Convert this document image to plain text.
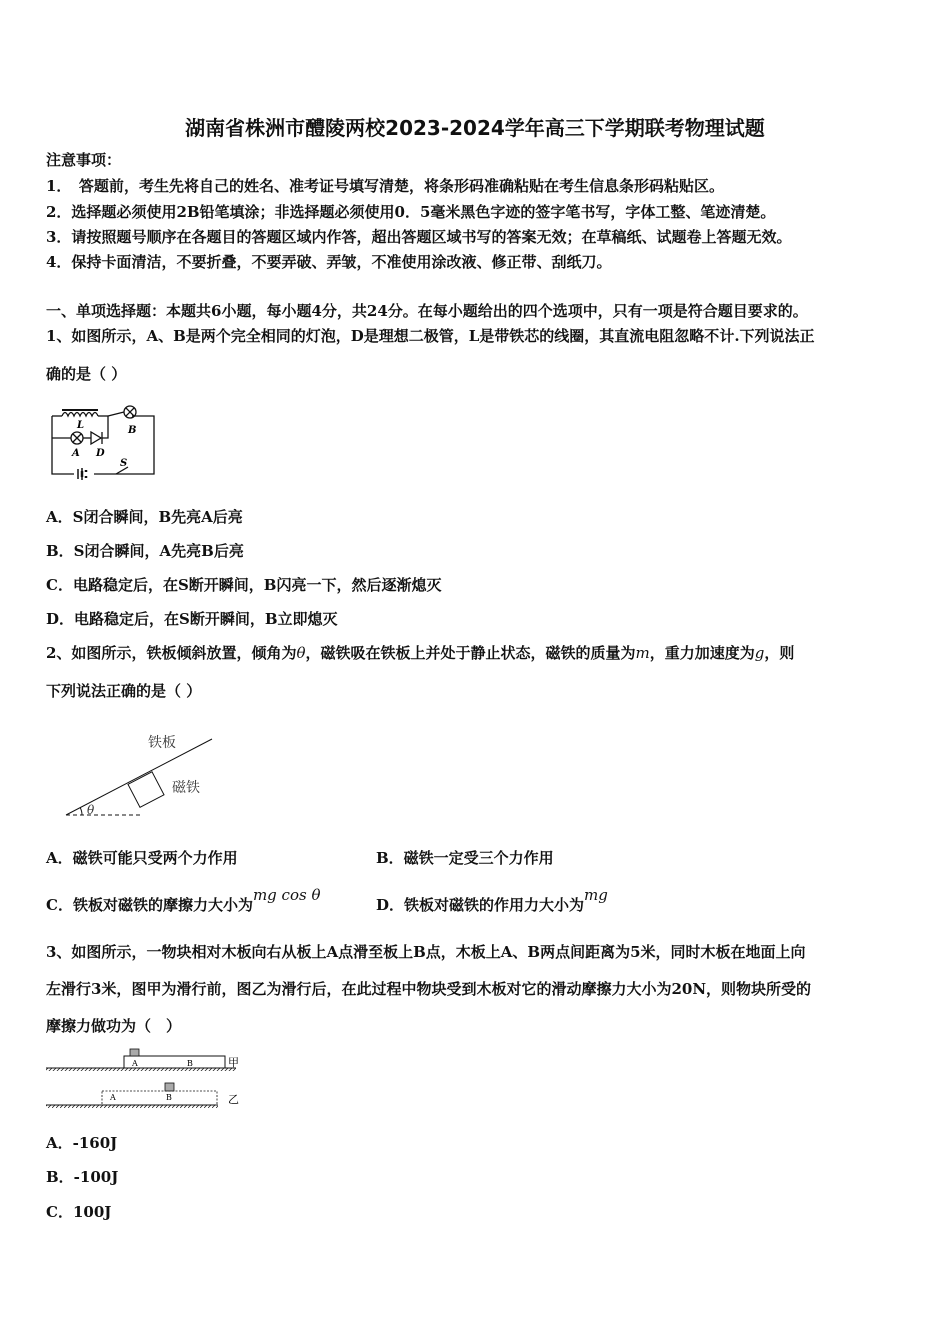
湖南省株洲市醴陵两校2023-2024学年高三下学期联考物理试题
注意事项：
1．　答题前，考生先将自己的姓名、准考证号填写清楚，将条形码准确粘贴在考生信息条形码粘贴区。
2．选择题必须使用2B铅笔填涂；非选择题必须使用0．5毫米黑色字迹的签字笔书写，字体工整、笔迹清楚。
3．请按照题号顺序在各题目的答题区域内作答，超出答题区域书写的答案无效；在草稿纸、试题卷上答题无效。
4．保持卡面清洁，不要折叠，不要弄破、弄皱，不准使用涂改液、修正带、刮纸刀。
一、单项选择题：本题共6小题，每小题4分，共24分。在每小题给出的四个选项中，只有一项是符合题目要求的。
1、如图所示，A、B是两个完全相同的灯泡，D是理想二极管，L是带铁芯的线圈，其直流电阻忽略不计.下列说法正
确的是（ ）
L
A D
B
S
A．S闭合瞬间，B先亮A后亮
B．S闭合瞬间，A先亮B后亮
C．电路稳定后，在S断开瞬间，B闪亮一下，然后逐渐熄灭
D．电路稳定后，在S断开瞬间，B立即熄灭
2、如图所示，铁板倾斜放置，倾角为θ，磁铁吸在铁板上并处于静止状态，磁铁的质量为m，重力加速度为g，则
下列说法正确的是（ ）
铁板
磁铁
θ
A．磁铁可能只受两个力作用	B．磁铁一定受三个力作用
C．铁板对磁铁的摩擦力大小为mg cos θ
D．铁板对磁铁的作用力大小为mg
3、如图所示，一物块相对木板向右从板上A点滑至板上B点，木板上A、B两点间距离为5米，同时木板在地面上向
左滑行3米，图甲为滑行前，图乙为滑行后，在此过程中物块受到木板对它的滑动摩擦力大小为20N，则物块所受的
摩擦力做功为（　）
A	B	甲
A	B	乙
A．-160J
B．-100J
C．100J
